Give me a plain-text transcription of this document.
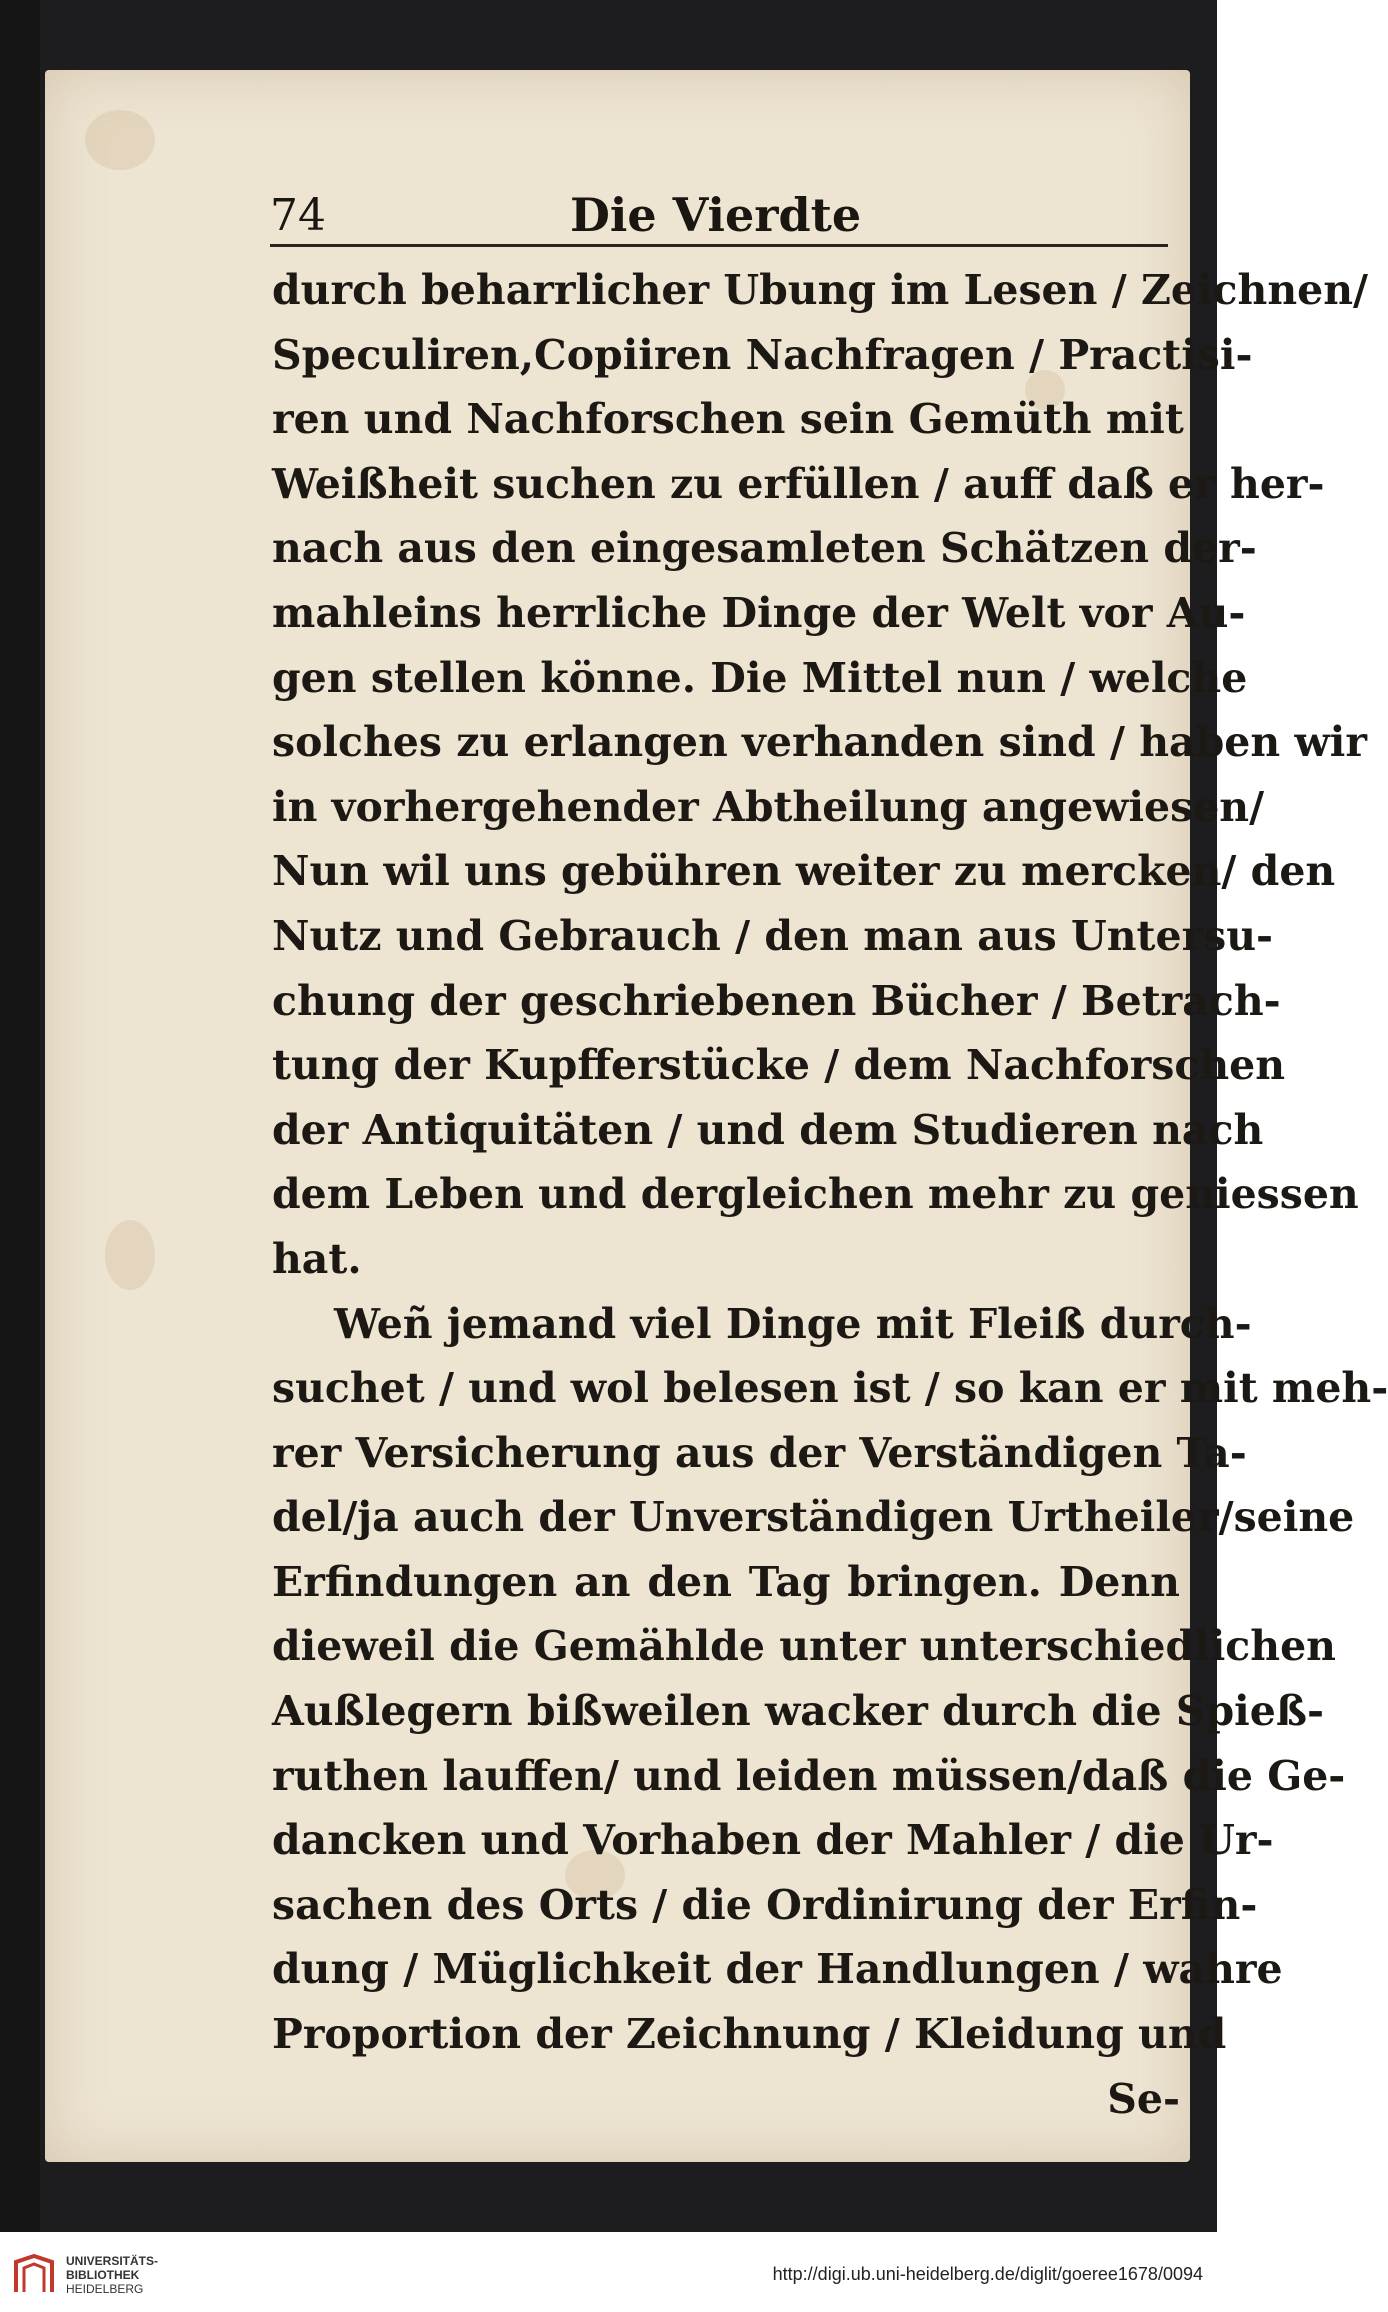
74	Die Vierdte
durch beharrlicher Ubung im Lesen / Zeichnen/
Speculiren,Copiiren Nachfragen / Practisi-
ren und Nachforschen sein Gemüth mit
Weißheit suchen zu erfüllen / auff daß er her-
nach aus den eingesamleten Schätzen der-
mahleins herrliche Dinge der Welt vor Au-
gen stellen könne. Die Mittel nun / welche
solches zu erlangen verhanden sind / haben wir
in vorhergehender Abtheilung angewiesen/
Nun wil uns gebühren weiter zu mercken/ den
Nutz und Gebrauch / den man aus Untersu-
chung der geschriebenen Bücher / Betrach-
tung der Kupfferstücke / dem Nachforschen
der Antiquitäten / und dem Studieren nach
dem Leben und dergleichen mehr zu geniessen
hat.
Weñ jemand viel Dinge mit Fleiß durch-
suchet / und wol belesen ist / so kan er mit meh-
rer Versicherung aus der Verständigen Ta-
del/ja auch der Unverständigen Urtheiler/seine
Erfindungen an den Tag bringen. Denn
dieweil die Gemählde unter unterschiedlichen
Außlegern bißweilen wacker durch die Spieß-
ruthen lauffen/ und leiden müssen/daß die Ge-
dancken und Vorhaben der Mahler / die Ur-
sachen des Orts / die Ordinirung der Erfin-
dung / Müglichkeit der Handlungen / wahre
Proportion der Zeichnung / Kleidung und
Se-
UNIVERSITÄTS-
BIBLIOTHEK
HEIDELBERG
http://digi.ub.uni-heidelberg.de/diglit/goeree1678/0094
